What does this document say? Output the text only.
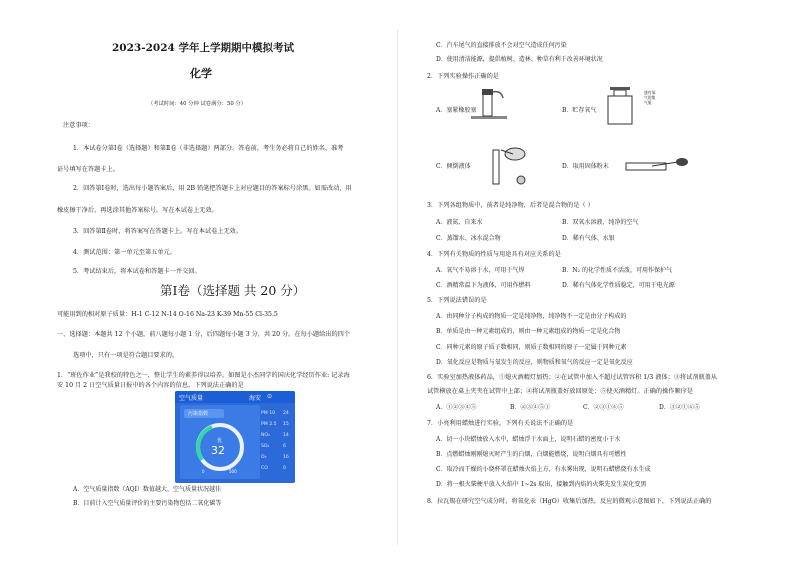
2023-2024 学年上学期期中模拟考试
化学
（考试时间：40 分钟 试卷满分：50 分）
注意事项：
1．本试卷分第Ⅰ卷（选择题）和第Ⅱ卷（非选择题）两部分。答卷前，考生务必将自己的姓名、准考
证号填写在答题卡上。
2．回答第Ⅰ卷时，选出每小题答案后，用 2B 铅笔把答题卡上对应题目的答案标号涂黑。如需改动，用
橡皮擦干净后，再选涂其他答案标号。写在本试卷上无效。
3．回答第Ⅱ卷时，将答案写在答题卡上。写在本试卷上无效。
4．测试范围：第一单元至第五单元。
5．考试结束后，将本试卷和答题卡一并交回。
第Ⅰ卷（选择题 共 20 分）
可能用到的相对原子质量：H-1 C-12 N-14 O-16 Na-23 K-39 Mn-55 Cl-35.5
一、选择题：本题共 12 个小题，前八题每小题 1 分，后四题每小题 3 分，共 20 分。在每小题给出的四个
选项中，只有一项是符合题目要求的。
1．“班佐作业”是我校的特色之一，整让学生的素养得以培养。如图是小杰同学的国庆化学经历作业: 记录海
安 10 月 2 日空气质量日报中的各个内容的信息。下列说法正确的是
空气质量	海安 ⊙
污染指数
优
32
0	500
PM 10 24
PM 2.5 15
NO₂	14
SO₂	6
O₃	16
CO	0
A．空气质量指数（AQI）数值越大，空气质量状况越佳
B．目前计入空气质量评价的主要污染物包括二氧化碳等
C．汽车尾气的直接排放不会对空气造成任何污染
D．使用清洁能源，提倡植树、造林、种草有利于改善环境状况
2．下列实验操作正确的是
A．塞紧橡胶塞
盛有氧气的集气瓶
B．贮存氧气
C．倾倒液体	D．取用固体粉末
3．下列各组物质中，前者是纯净物，后者是混合物的是（ ）
A．液氮、自来水	B．双氧水溶液、纯净的空气
C．蒸馏水、冰水混合物	D．稀有气体、水银
4．下列有关物质的性质与用途具有对应关系的是
A．氧气不易溶于水，可用于气焊	B．N₂ 的化学性质不活泼，可用作保护气
C．酒精常温下为液体，可用作燃料	D．稀有气体化学性质稳定，可用于电光源
5．下列说法错误的是
A．由同种分子构成的物质一定是纯净物，纯净物不一定是由分子构成的
B．单质是由一种元素组成的，则由一种元素组成的物质一定是化合物
C．同种元素的原子质子数相同，则质子数相同的原子一定属于同种元素
D．氧化反应是物质与氧发生的反应，则物质和氧气的反应一定是氧化反应
6．实验室加热液体药品，①熄灭酒精灯加热；②在试管中加入不超过试管容积 1/3 液体；③将试剂瓶盖从
试管横放在桌上夹夹在试管中上部；④将试剂瓶盖好放回原处；⑤使灭酒精灯。正确的操作顺序是
A．①②③④⑤	B．②③④⑤①	C．②③①④⑤	D．③②①④⑤
7．小亮利用蜡烛进行实验，下列有关说法不正确的是
A．切一小块蜡烛放入水中，蜡烛浮于水面上，说明石蜡的密度小于水
B．点燃蜡烛刚刚熄灭时产生的白烟，白烟能燃烧，说明白烟具有可燃性
C．取冷而干燥的小烧杯罩在蜡烛火焰上方，有水雾出现，说明石蜡燃烧有水生成
D．将一根火柴梗平放入火焰中 1~2s 取出，接触到内焰的火柴先发生炭化变黑
8．拉瓦锡在研究空气成分时，将氧化汞（HgO）收集后加热，反应的微观示意图如下，下列说法正确的
